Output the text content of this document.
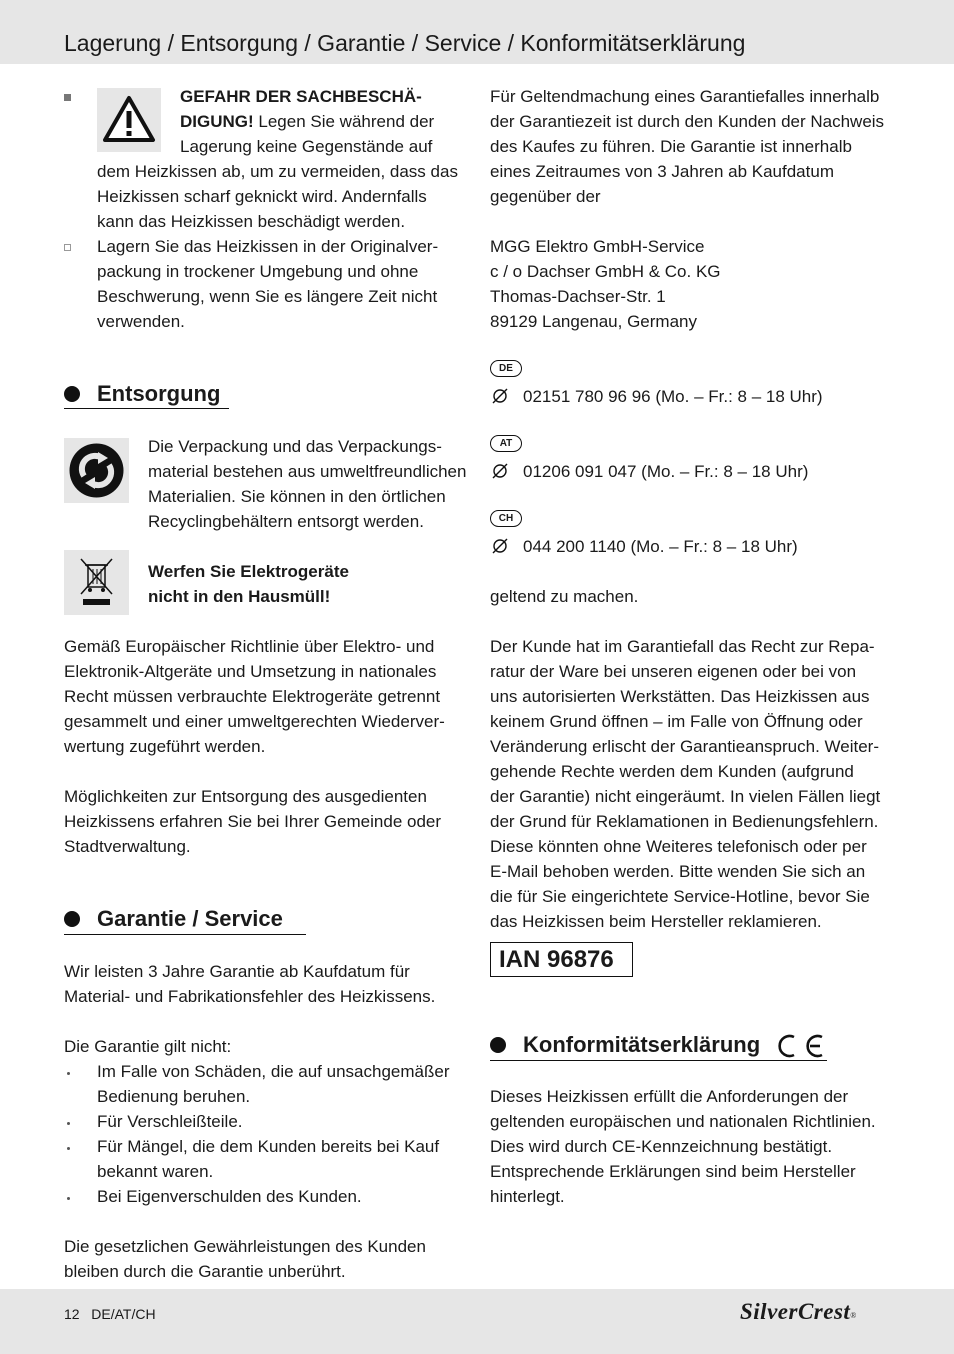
Lagerung / Entsorgung / Garantie / Service / Konformitätserklärung
GEFAHR DER SACHBESCHÄ-
DIGUNG! Legen Sie während der
Lagerung keine Gegenstände auf
dem Heizkissen ab, um zu vermeiden, dass das
Heizkissen scharf geknickt wird. Andernfalls
kann das Heizkissen beschädigt werden.
Lagern Sie das Heizkissen in der Originalver-
packung in trockener Umgebung und ohne
Beschwerung, wenn Sie es längere Zeit nicht
verwenden.
Entsorgung
Die Verpackung und das Verpackungs-
material bestehen aus umweltfreundlichen
Materialien. Sie können in den örtlichen
Recyclingbehältern entsorgt werden.
Werfen Sie Elektrogeräte
nicht in den Hausmüll!
Gemäß Europäischer Richtlinie über Elektro- und
Elektronik-Altgeräte und Umsetzung in nationales
Recht müssen verbrauchte Elektrogeräte getrennt
gesammelt und einer umweltgerechten Wiederver-
wertung zugeführt werden.
Möglichkeiten zur Entsorgung des ausgedienten
Heizkissens erfahren Sie bei Ihrer Gemeinde oder
Stadtverwaltung.
Garantie / Service
Wir leisten 3 Jahre Garantie ab Kaufdatum für
Material- und Fabrikationsfehler des Heizkissens.
Die Garantie gilt nicht:
Im Falle von Schäden, die auf unsachgemäßer
Bedienung beruhen.
Für Verschleißteile.
Für Mängel, die dem Kunden bereits bei Kauf
bekannt waren.
Bei Eigenverschulden des Kunden.
Die gesetzlichen Gewährleistungen des Kunden
bleiben durch die Garantie unberührt.
Für Geltendmachung eines Garantiefalles innerhalb
der Garantiezeit ist durch den Kunden der Nachweis
des Kaufes zu führen. Die Garantie ist innerhalb
eines Zeitraumes von 3 Jahren ab Kaufdatum
gegenüber der
MGG Elektro GmbH-Service
c / o Dachser GmbH & Co. KG
Thomas-Dachser-Str. 1
89129 Langenau, Germany
DE
02151 780 96 96 (Mo. – Fr.: 8 – 18 Uhr)
AT
01206 091 047 (Mo. – Fr.: 8 – 18 Uhr)
CH
044 200 1140 (Mo. – Fr.: 8 – 18 Uhr)
geltend zu machen.
Der Kunde hat im Garantiefall das Recht zur Repa-
ratur der Ware bei unseren eigenen oder bei von
uns autorisierten Werkstätten. Das Heizkissen aus
keinem Grund öffnen – im Falle von Öffnung oder
Veränderung erlischt der Garantieanspruch. Weiter-
gehende Rechte werden dem Kunden (aufgrund
der Garantie) nicht eingeräumt. In vielen Fällen liegt
der Grund für Reklamationen in Bedienungsfehlern.
Diese könnten ohne Weiteres telefonisch oder per
E-Mail behoben werden. Bitte wenden Sie sich an
die für Sie eingerichtete Service-Hotline, bevor Sie
das Heizkissen beim Hersteller reklamieren.
IAN 96876
Konformitätserklärung
Dieses Heizkissen erfüllt die Anforderungen der
geltenden europäischen und nationalen Richtlinien.
Dies wird durch CE-Kennzeichnung bestätigt.
Entsprechende Erklärungen sind beim Hersteller
hinterlegt.
12 DE/AT/CH	SilverCrest®
